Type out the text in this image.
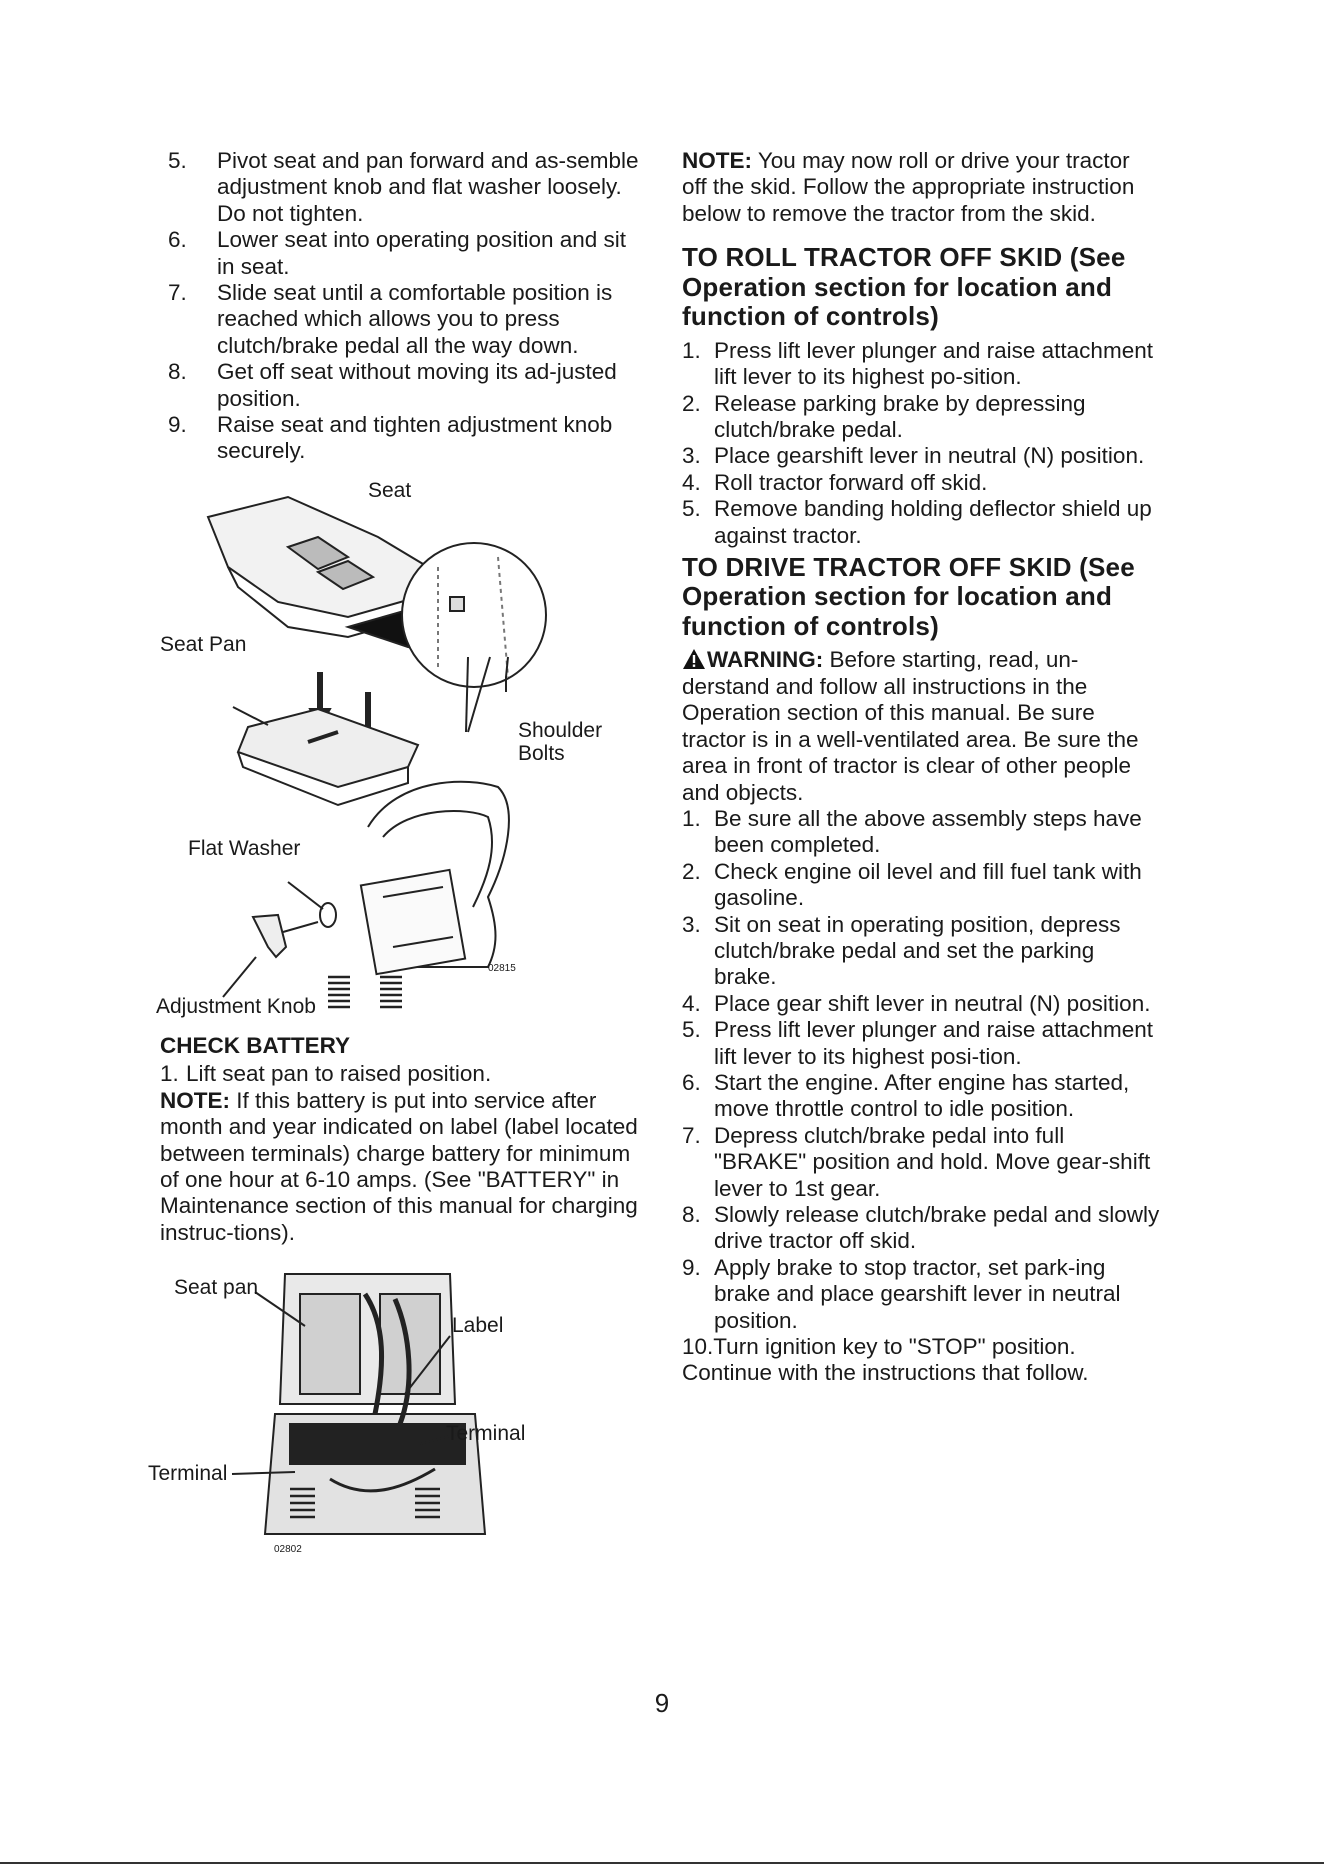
5. Pivot seat and pan forward and as-semble adjustment knob and flat washer loosely. Do not tighten.
6. Lower seat into operating position and sit in seat.
7. Slide seat until a comfortable position is reached which allows you to press clutch/brake pedal all the way down.
8. Get off seat without moving its ad-justed position.
9. Raise seat and tighten adjustment knob securely.
Seat
Seat Pan
Shoulder Bolts
Flat Washer
Adjustment Knob
02815
CHECK BATTERY
1. Lift seat pan to raised position.

NOTE: If this battery is put into service after month and year indicated on label (label located between terminals) charge battery for minimum of one hour at 6-10 amps. (See "BATTERY" in Maintenance section of this manual for charging instruc-tions).

Seat pan
Label
Terminal
Terminal
02802

NOTE: You may now roll or drive your tractor off the skid. Follow the appropriate instruction below to remove the tractor from the skid.

TO ROLL TRACTOR OFF SKID (See Operation section for location and function of controls)
1. Press lift lever plunger and raise attachment lift lever to its highest po-sition.
2. Release parking brake by depressing clutch/brake pedal.
3. Place gearshift lever in neutral (N) position.
4. Roll tractor forward off skid.
5. Remove banding holding deflector shield up against tractor.
TO DRIVE TRACTOR OFF SKID (See Operation section for location and function of controls)

WARNING: Before starting, read, un-derstand and follow all instructions in the Operation section of this manual. Be sure tractor is in a well-ventilated area. Be sure the area in front of tractor is clear of other people and objects.

1. Be sure all the above assembly steps have been completed.
2. Check engine oil level and fill fuel tank with gasoline.
3. Sit on seat in operating position, depress clutch/brake pedal and set the parking brake.
4. Place gear shift lever in neutral (N) position.
5. Press lift lever plunger and raise attachment lift lever to its highest posi-tion.
6. Start the engine. After engine has started, move throttle control to idle position.
7. Depress clutch/brake pedal into full "BRAKE" position and hold. Move gear-shift lever to 1st gear.
8. Slowly release clutch/brake pedal and slowly drive tractor off skid.
9. Apply brake to stop tractor, set park-ing brake and place gearshift lever in neutral position.

10.Turn ignition key to "STOP" position.

Continue with the instructions that follow.

9
